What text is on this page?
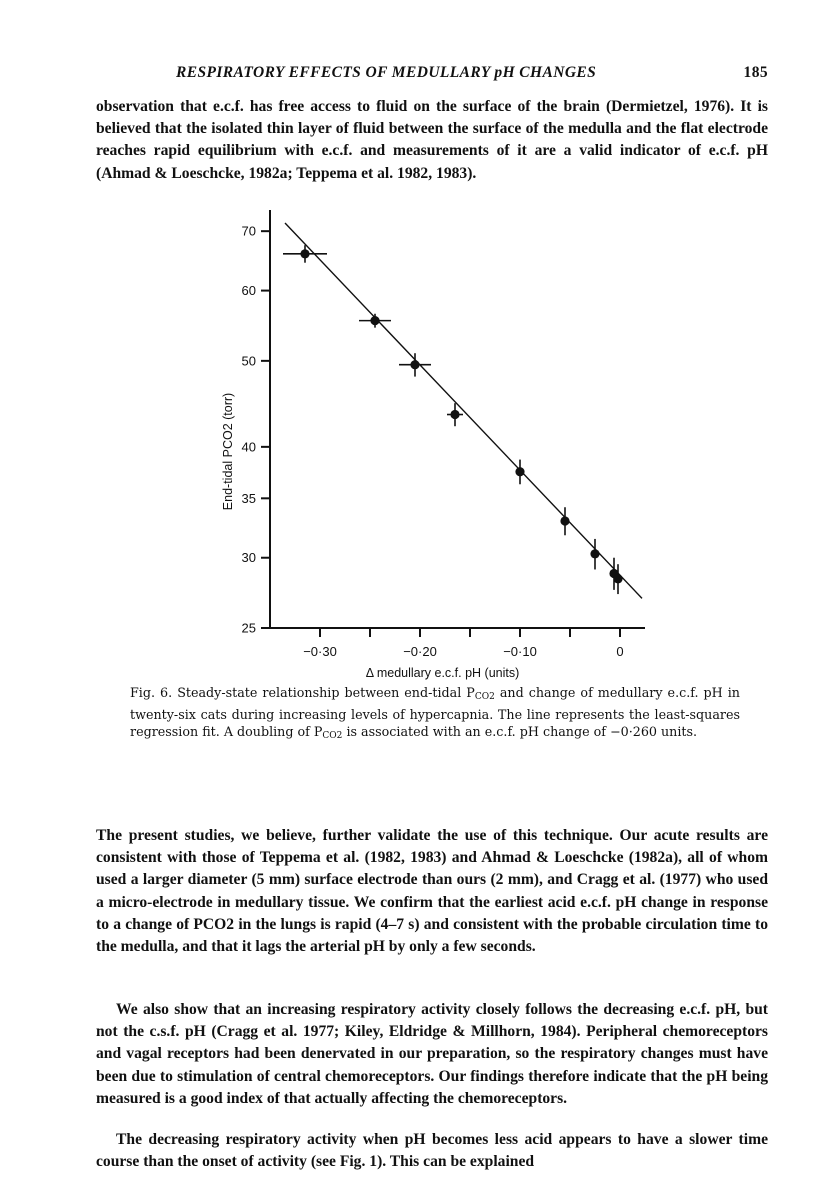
RESPIRATORY EFFECTS OF MEDULLARY pH CHANGES	185

observation that e.c.f. has free access to fluid on the surface of the brain (Dermietzel, 1976). It is believed that the isolated thin layer of fluid between the surface of the medulla and the flat electrode reaches rapid equilibrium with e.c.f. and measurements of it are a valid indicator of e.c.f. pH (Ahmad & Loeschcke, 1982a; Teppema et al. 1982, 1983).

25
30
35
40
50
60
70
−0·30	−0·20	−0·10	0
Δ medullary e.c.f. pH (units)
End-tidal PCO2 (torr)

Fig. 6. Steady-state relationship between end-tidal $P_{CO2}$ and change of medullary e.c.f. pH in twenty-six cats during increasing levels of hypercapnia. The line represents the least-squares regression fit. A doubling of $P_{CO2}$ is associated with an e.c.f. pH change of −0·260 units.

The present studies, we believe, further validate the use of this technique. Our acute results are consistent with those of Teppema et al. (1982, 1983) and Ahmad & Loeschcke (1982a), all of whom used a larger diameter (5 mm) surface electrode than ours (2 mm), and Cragg et al. (1977) who used a micro-electrode in medullary tissue. We confirm that the earliest acid e.c.f. pH change in response to a change of PCO2 in the lungs is rapid (4–7 s) and consistent with the probable circulation time to the medulla, and that it lags the arterial pH by only a few seconds.

We also show that an increasing respiratory activity closely follows the decreasing e.c.f. pH, but not the c.s.f. pH (Cragg et al. 1977; Kiley, Eldridge & Millhorn, 1984). Peripheral chemoreceptors and vagal receptors had been denervated in our preparation, so the respiratory changes must have been due to stimulation of central chemoreceptors. Our findings therefore indicate that the pH being measured is a good index of that actually affecting the chemoreceptors.

The decreasing respiratory activity when pH becomes less acid appears to have a slower time course than the onset of activity (see Fig. 1). This can be explained
